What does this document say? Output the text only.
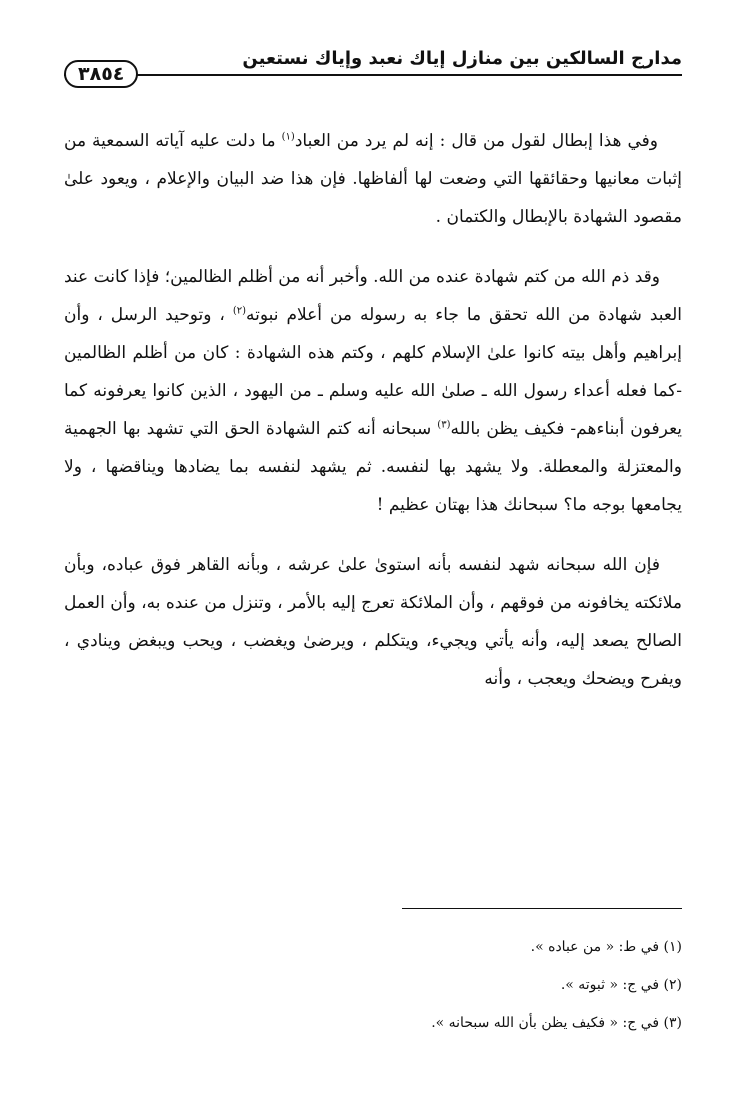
مدارج السالكين بين منازل إياك نعبد وإياك نستعين
٣٨٥٤

وفي هذا إبطال لقول من قال : إنه لم يرد من العباد$^{(١)}$ ما دلت عليه آياته السمعية من إثبات معانيها وحقائقها التي وضعت لها ألفاظها. فإن هذا ضد البيان والإعلام ، ويعود علىٰ مقصود الشهادة بالإبطال والكتمان .

وقد ذم الله من كتم شهادة عنده من الله. وأخبر أنه من أظلم الظالمين؛ فإذا كانت عند العبد شهادة من الله تحقق ما جاء به رسوله من أعلام نبوته$^{(٢)}$ ، وتوحيد الرسل ، وأن إبراهيم وأهل بيته كانوا علىٰ الإسلام كلهم ، وكتم هذه الشهادة : كان من أظلم الظالمين -كما فعله أعداء رسول الله ـ صلىٰ الله عليه وسلم ـ من اليهود ، الذين كانوا يعرفونه كما يعرفون أبناءهم- فكيف يظن بالله$^{(٣)}$ سبحانه أنه كتم الشهادة الحق التي تشهد بها الجهمية والمعتزلة والمعطلة. ولا يشهد بها لنفسه. ثم يشهد لنفسه بما يضادها ويناقضها ، ولا يجامعها بوجه ما؟ سبحانك هذا بهتان عظيم !

فإن الله سبحانه شهد لنفسه بأنه استوىٰ علىٰ عرشه ، وبأنه القاهر فوق عباده، وبأن ملائكته يخافونه من فوقهم ، وأن الملائكة تعرج إليه بالأمر ، وتنزل من عنده به، وأن العمل الصالح يصعد إليه، وأنه يأتي ويجيء، ويتكلم ، ويرضىٰ ويغضب ، ويحب ويبغض وينادي ، ويفرح ويضحك ويعجب ، وأنه

(١) في ط: « من عباده ».
(٢) في ج: « ثبوته ».
(٣) في ج: « فكيف يظن بأن الله سبحانه ».
